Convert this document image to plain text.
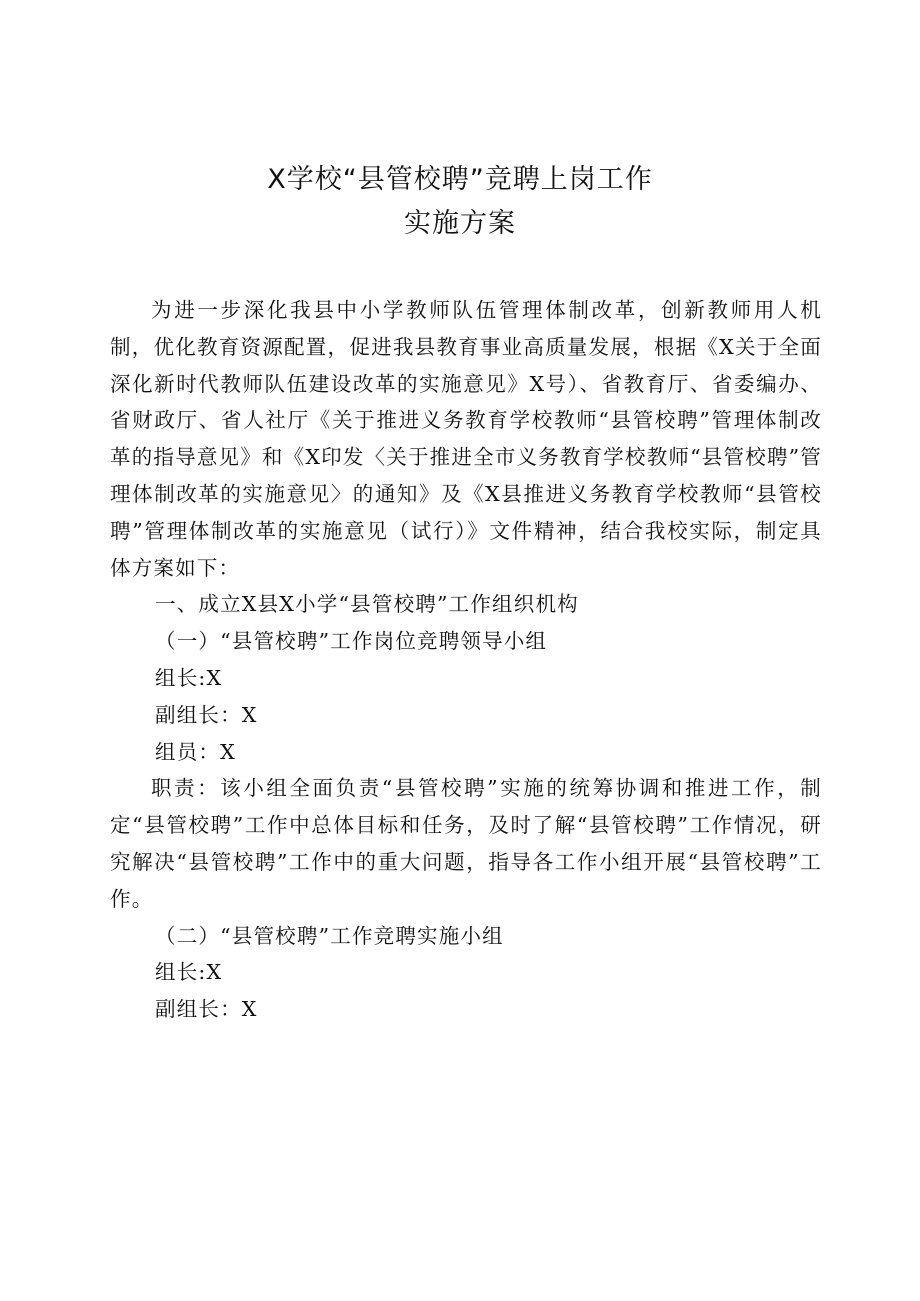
X学校“县管校聘”竞聘上岗工作
实施方案

为进一步深化我县中小学教师队伍管理体制改革，创新教师用人机制，优化教育资源配置，促进我县教育事业高质量发展，根据《X关于全面深化新时代教师队伍建设改革的实施意见》X号）、省教育厅、省委编办、省财政厅、省人社厅《关于推进义务教育学校教师“县管校聘”管理体制改革的指导意见》和《X印发〈关于推进全市义务教育学校教师“县管校聘”管理体制改革的实施意见〉的通知》及《X县推进义务教育学校教师“县管校聘”管理体制改革的实施意见（试行）》文件精神，结合我校实际，制定具体方案如下：

一、成立X县X小学“县管校聘”工作组织机构

（一）“县管校聘”工作岗位竞聘领导小组

组长:X

副组长：X

组员：X

职责：该小组全面负责“县管校聘”实施的统筹协调和推进工作，制定“县管校聘”工作中总体目标和任务，及时了解“县管校聘”工作情况，研究解决“县管校聘”工作中的重大问题，指导各工作小组开展“县管校聘”工作。

（二）“县管校聘”工作竞聘实施小组

组长:X

副组长：X
